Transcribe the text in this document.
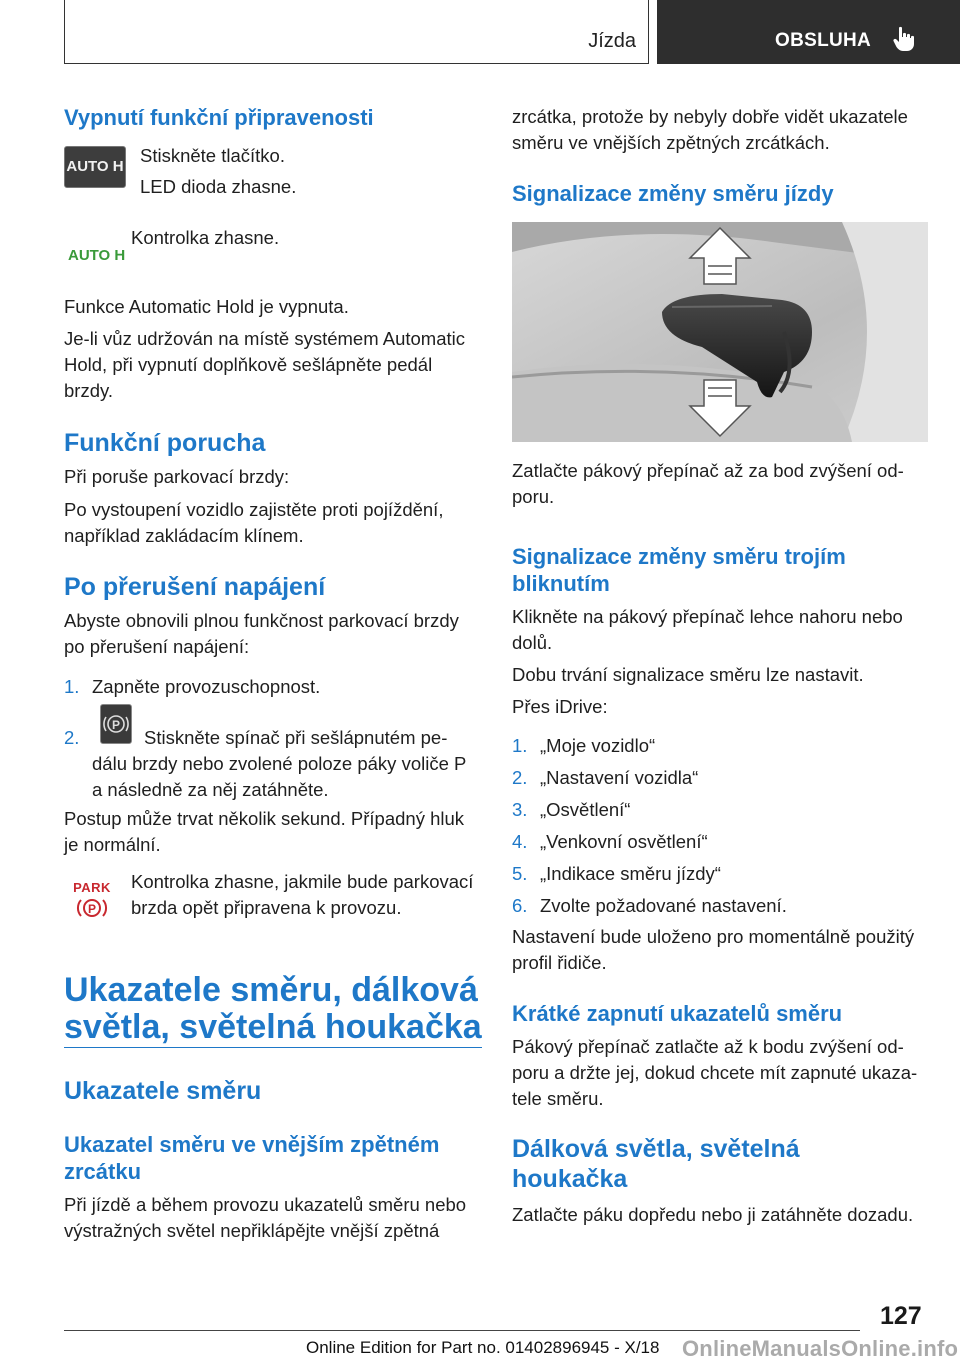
Jízda	OBSLUHA
Vypnutí funkční připravenosti
AUTO H
Stiskněte tlačítko.
LED dioda zhasne.
AUTO H
Kontrolka zhasne.
Funkce Automatic Hold je vypnuta.
Je-li vůz udržován na místě systémem Automatic
Hold, při vypnutí doplňkově sešlápněte pedál
brzdy.
Funkční porucha
Při poruše parkovací brzdy:
Po vystoupení vozidlo zajistěte proti pojíždění,
například zakládacím klínem.
Po přerušení napájení
Abyste obnovili plnou funkčnost parkovací brzdy
po přerušení napájení:
1. Zapněte provozuschopnost.
2.
P
Stiskněte spínač při sešlápnutém pe-
dálu brzdy nebo zvolené poloze páky voliče P
a následně za něj zatáhněte.
Postup může trvat několik sekund. Případný hluk
je normální.
PARK
P
Kontrolka zhasne, jakmile bude parkovací
brzda opět připravena k provozu.
Ukazatele směru, dálková
světla, světelná houkačka
Ukazatele směru
Ukazatel směru ve vnějším zpětném
zrcátku
Při jízdě a během provozu ukazatelů směru nebo
výstražných světel nepřiklápějte vnější zpětná
zrcátka, protože by nebyly dobře vidět ukazatele
směru ve vnějších zpětných zrcátkách.
Signalizace změny směru jízdy
Zatlačte pákový přepínač až za bod zvýšení od-
poru.
Signalizace změny směru trojím
bliknutím
Klikněte na pákový přepínač lehce nahoru nebo
dolů.
Dobu trvání signalizace směru lze nastavit.
Přes iDrive:
1. „Moje vozidlo“
2. „Nastavení vozidla“
3. „Osvětlení“
4. „Venkovní osvětlení“
5. „Indikace směru jízdy“
6. Zvolte požadované nastavení.
Nastavení bude uloženo pro momentálně použitý
profil řidiče.
Krátké zapnutí ukazatelů směru
Pákový přepínač zatlačte až k bodu zvýšení od-
poru a držte jej, dokud chcete mít zapnuté ukaza-
tele směru.
Dálková světla, světelná
houkačka
Zatlačte páku dopředu nebo ji zatáhněte dozadu.
127
Online Edition for Part no. 01402896945 - X/18 OnlineManualsOnline.info
Downloaded from www.Manualslib.com manuals search engine
